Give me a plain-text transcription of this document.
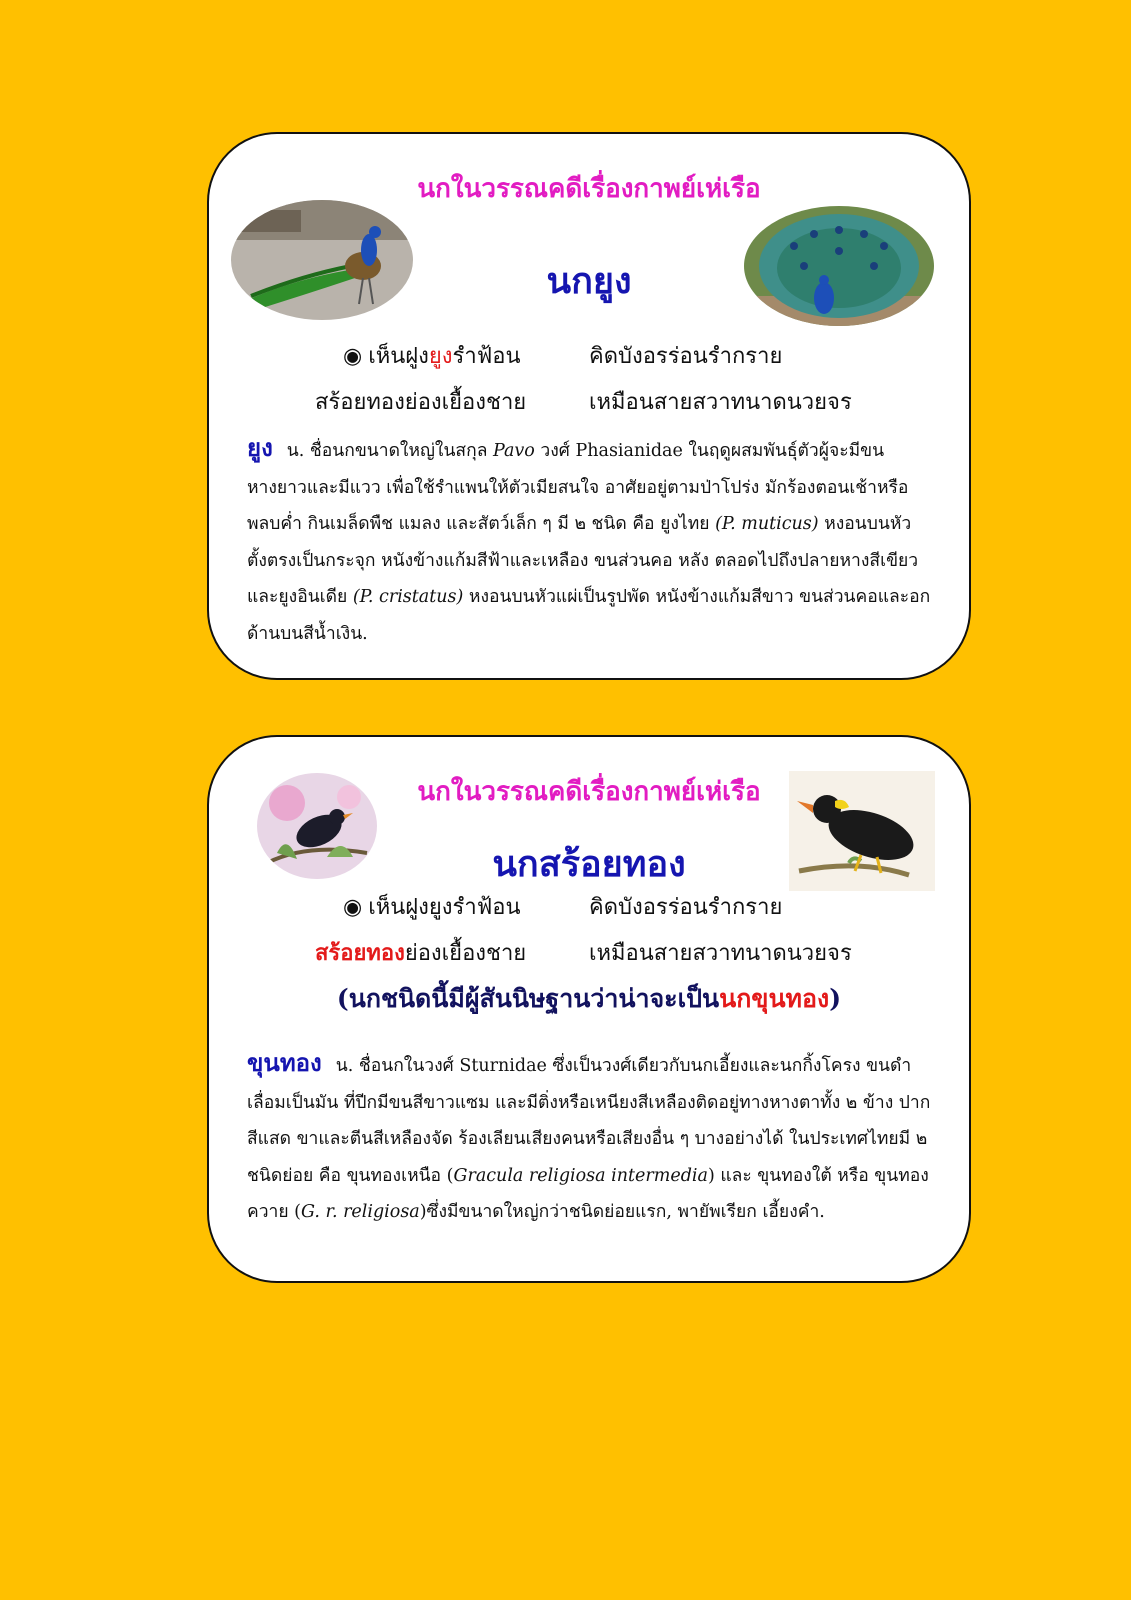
นกในวรรณคดีเรื่องกาพย์เห่เรือ
นกยูง
◉ เห็นฝูงยูงรำฟ้อน	คิดบังอรร่อนรำกราย
สร้อยทองย่องเยื้องชาย	เหมือนสายสวาทนาดนวยจร
ยูง น. ชื่อนกขนาดใหญ่ในสกุล Pavo วงศ์ Phasianidae ในฤดูผสมพันธุ์ตัวผู้จะมีขนหางยาวและมีแวว เพื่อใช้รำแพนให้ตัวเมียสนใจ อาศัยอยู่ตามป่าโปร่ง มักร้องตอนเช้าหรือพลบค่ำ กินเมล็ดพืช แมลง และสัตว์เล็ก ๆ มี ๒ ชนิด คือ ยูงไทย (P. muticus) หงอนบนหัวตั้งตรงเป็นกระจุก หนังข้างแก้มสีฟ้าและเหลือง ขนส่วนคอ หลัง ตลอดไปถึงปลายหางสีเขียว และยูงอินเดีย (P. cristatus) หงอนบนหัวแผ่เป็นรูปพัด หนังข้างแก้มสีขาว ขนส่วนคอและอกด้านบนสีน้ำเงิน.
นกในวรรณคดีเรื่องกาพย์เห่เรือ
นกสร้อยทอง
◉ เห็นฝูงยูงรำฟ้อน	คิดบังอรร่อนรำกราย
สร้อยทองย่องเยื้องชาย	เหมือนสายสวาทนาดนวยจร
(นกชนิดนี้มีผู้สันนิษฐานว่าน่าจะเป็นนกขุนทอง)
ขุนทอง น. ชื่อนกในวงศ์ Sturnidae ซึ่งเป็นวงศ์เดียวกับนกเอี้ยงและนกกิ้งโครง ขนดำเลื่อมเป็นมัน ที่ปีกมีขนสีขาวแซม และมีติ่งหรือเหนียงสีเหลืองติดอยู่ทางหางตาทั้ง ๒ ข้าง ปากสีแสด ขาและตีนสีเหลืองจัด ร้องเลียนเสียงคนหรือเสียงอื่น ๆ บางอย่างได้ ในประเทศไทยมี ๒ ชนิดย่อย คือ ขุนทองเหนือ (Gracula religiosa intermedia) และ ขุนทองใต้ หรือ ขุนทองควาย (G. r. religiosa)ซึ่งมีขนาดใหญ่กว่าชนิดย่อยแรก, พายัพเรียก เอี้ยงคำ.
